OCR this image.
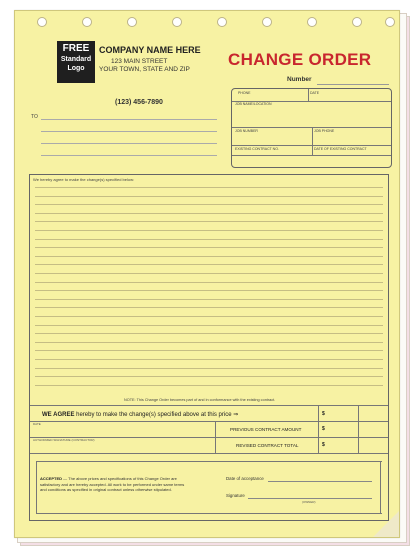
FREE
Standard
Logo
COMPANY NAME HERE
123 MAIN STREET
YOUR TOWN, STATE AND ZIP
(123) 456-7890
CHANGE ORDER
Number
PHONE	DATE
JOB NAME/LOCATION
JOB NUMBER	JOB PHONE
EXISTING CONTRACT NO.	DATE OF EXISTING CONTRACT
TO
We hereby agree to make the change(s) specified below:
NOTE: This Change Order becomes part of and in conformance with the existing contract.
WE AGREE hereby to make the change(s) specified above at this price ⇒	$
DATE
PREVIOUS CONTRACT AMOUNT	$
AUTHORIZED SIGNATURE (CONTRACTOR)
REVISED CONTRACT TOTAL	$
ACCEPTED — The above prices and specifications of this Change Order are satisfactory and are hereby accepted. All work to be performed under same terms and conditions as specified in original contract unless otherwise stipulated.
Date of acceptance
Signature
(OWNER)
